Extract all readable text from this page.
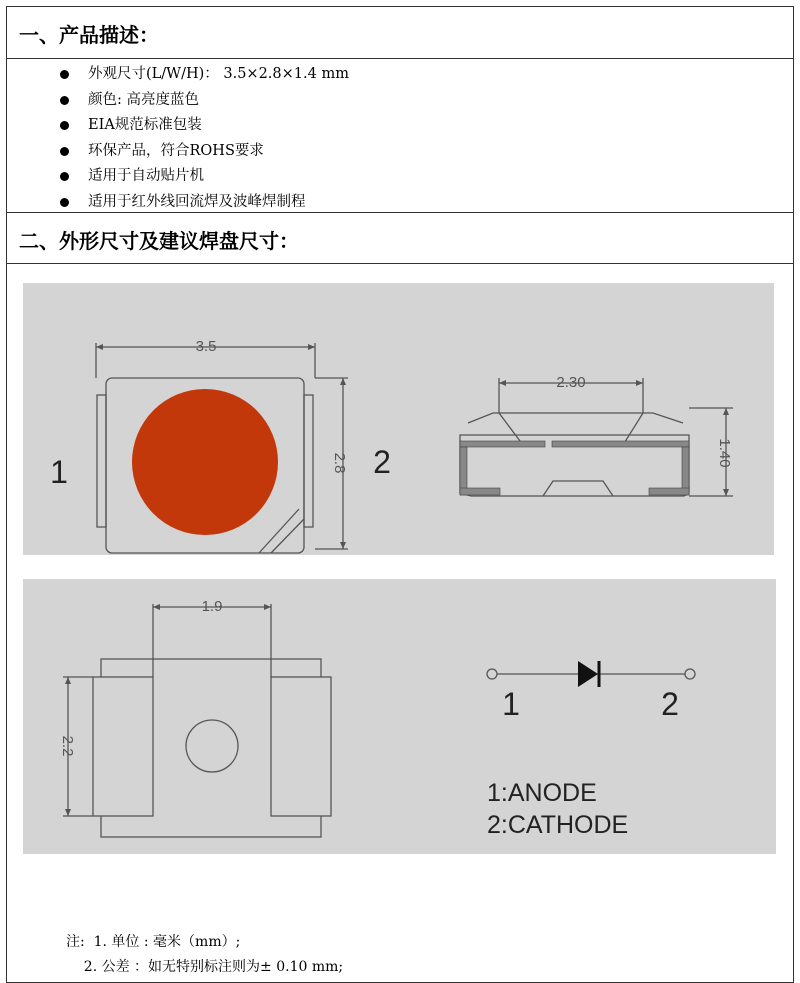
一、产品描述：
外观尺寸(L/W/H)： 3.5×2.8×1.4 mm
颜色: 高亮度蓝色
EIA规范标准包装
环保产品，符合ROHS要求
适用于自动贴片机
适用于红外线回流焊及波峰焊制程
二、外形尺寸及建议焊盘尺寸：
3.5
2.8
1	2
2.30
1.40
1.9
2.2
1	2
1:ANODE
2:CATHODE
注:  1. 单位 : 毫米（mm）;
2. 公差 ：如无特别标注则为± 0.10 mm;
